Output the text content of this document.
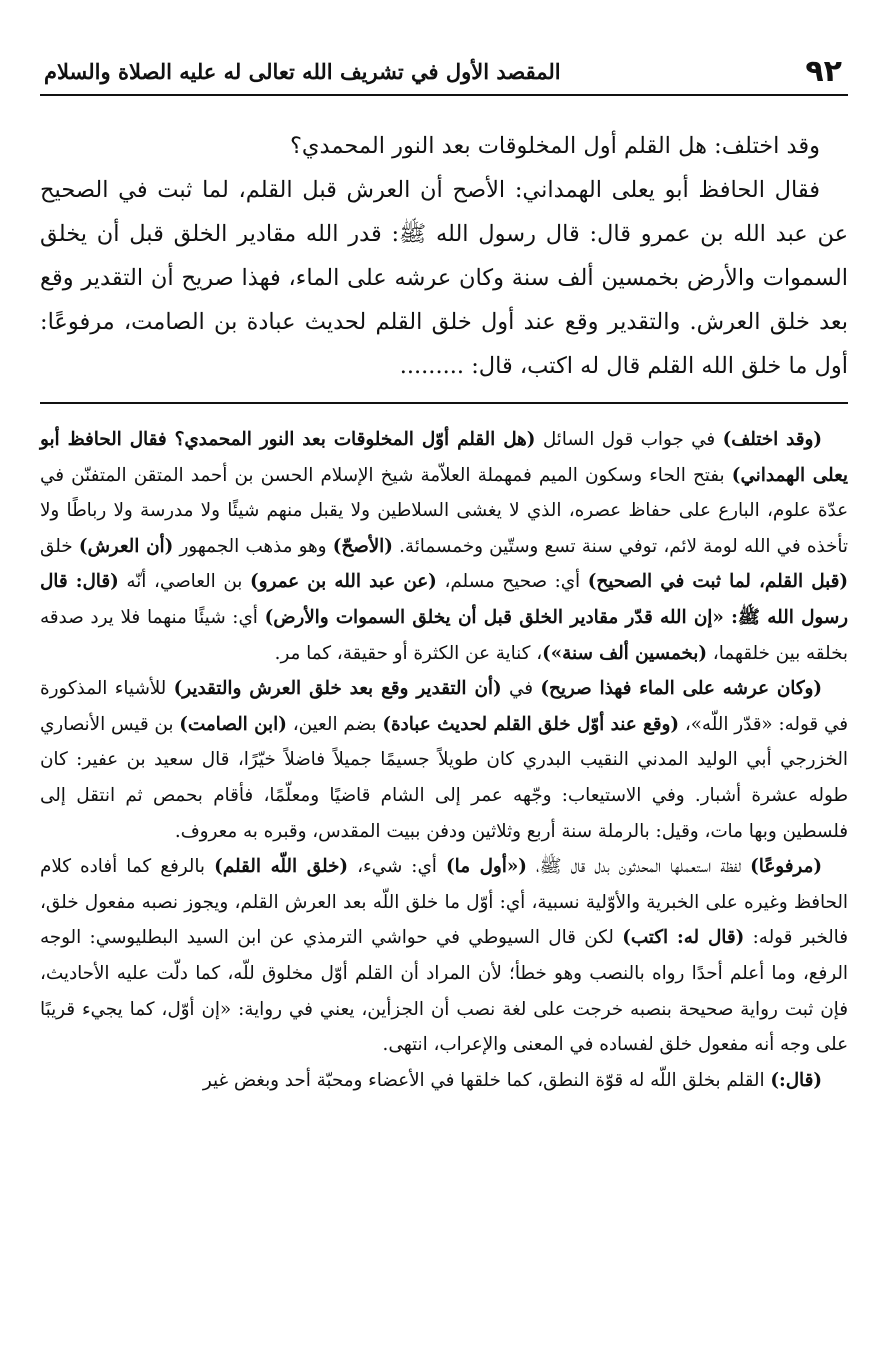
٩٢
المقصد الأول في تشريف الله تعالى له عليه الصلاة والسلام

وقد اختلف: هل القلم أول المخلوقات بعد النور المحمدي؟

فقال الحافظ أبو يعلى الهمداني: الأصح أن العرش قبل القلم، لما ثبت في الصحيح عن عبد الله بن عمرو قال: قال رسول الله ﷺ: قدر الله مقادير الخلق قبل أن يخلق السموات والأرض بخمسين ألف سنة وكان عرشه على الماء، فهذا صريح أن التقدير وقع بعد خلق العرش. والتقدير وقع عند أول خلق القلم لحديث عبادة بن الصامت، مرفوعًا: أول ما خلق الله القلم قال له اكتب، قال: .........

(وقد اختلف) في جواب قول السائل (هل القلم أوّل المخلوقات بعد النور المحمدي؟ فقال الحافظ أبو يعلى الهمداني) بفتح الحاء وسكون الميم فمهملة العلاّمة شيخ الإسلام الحسن بن أحمد المتقن المتفنّن في عدّة علوم، البارع على حفاظ عصره، الذي لا يغشى السلاطين ولا يقبل منهم شيئًا ولا مدرسة ولا رباطًا ولا تأخذه في الله لومة لائم، توفي سنة تسع وستّين وخمسمائة. (الأصحّ) وهو مذهب الجمهور (أن العرش) خلق (قبل القلم، لما ثبت في الصحيح) أي: صحيح مسلم، (عن عبد الله بن عمرو) بن العاصي، أنّه (قال: قال رسول الله ﷺ: «إن الله قدّر مقادير الخلق قبل أن يخلق السموات والأرض) أي: شيئًا منهما فلا يرد صدقه بخلقه بين خلقهما، (بخمسين ألف سنة»)، كناية عن الكثرة أو حقيقة، كما مر.

(وكان عرشه على الماء فهذا صريح) في (أن التقدير وقع بعد خلق العرش والتقدير) للأشياء المذكورة في قوله: «قدّر اللّه»، (وقع عند أوّل خلق القلم لحديث عبادة) بضم العين، (ابن الصامت) بن قيس الأنصاري الخزرجي أبي الوليد المدني النقيب البدري كان طويلاً جسيمًا جميلاً فاضلاً خيّرًا، قال سعيد بن عفير: كان طوله عشرة أشبار. وفي الاستيعاب: وجّهه عمر إلى الشام قاضيًا ومعلّمًا، فأقام بحمص ثم انتقل إلى فلسطين وبها مات، وقيل: بالرملة سنة أربع وثلاثين ودفن ببيت المقدس، وقبره به معروف.

(مرفوعًا) لفظة استعملها المحدثون بدل قال ﷺ، («أول ما) أي: شيء، (خلق اللّه القلم) بالرفع كما أفاده كلام الحافظ وغيره على الخبرية والأوّلية نسبية، أي: أوّل ما خلق اللّه بعد العرش القلم، ويجوز نصبه مفعول خلق، فالخبر قوله: (قال له: اكتب) لكن قال السيوطي في حواشي الترمذي عن ابن السيد البطليوسي: الوجه الرفع، وما أعلم أحدًا رواه بالنصب وهو خطأ؛ لأن المراد أن القلم أوّل مخلوق للّه، كما دلّت عليه الأحاديث، فإن ثبت رواية صحيحة بنصبه خرجت على لغة نصب أن الجزأين، يعني في رواية: «إن أوّل، كما يجيء قريبًا على وجه أنه مفعول خلق لفساده في المعنى والإعراب، انتهى.

(قال:) القلم بخلق اللّه له قوّة النطق، كما خلقها في الأعضاء ومحبّة أحد وبغض غير
